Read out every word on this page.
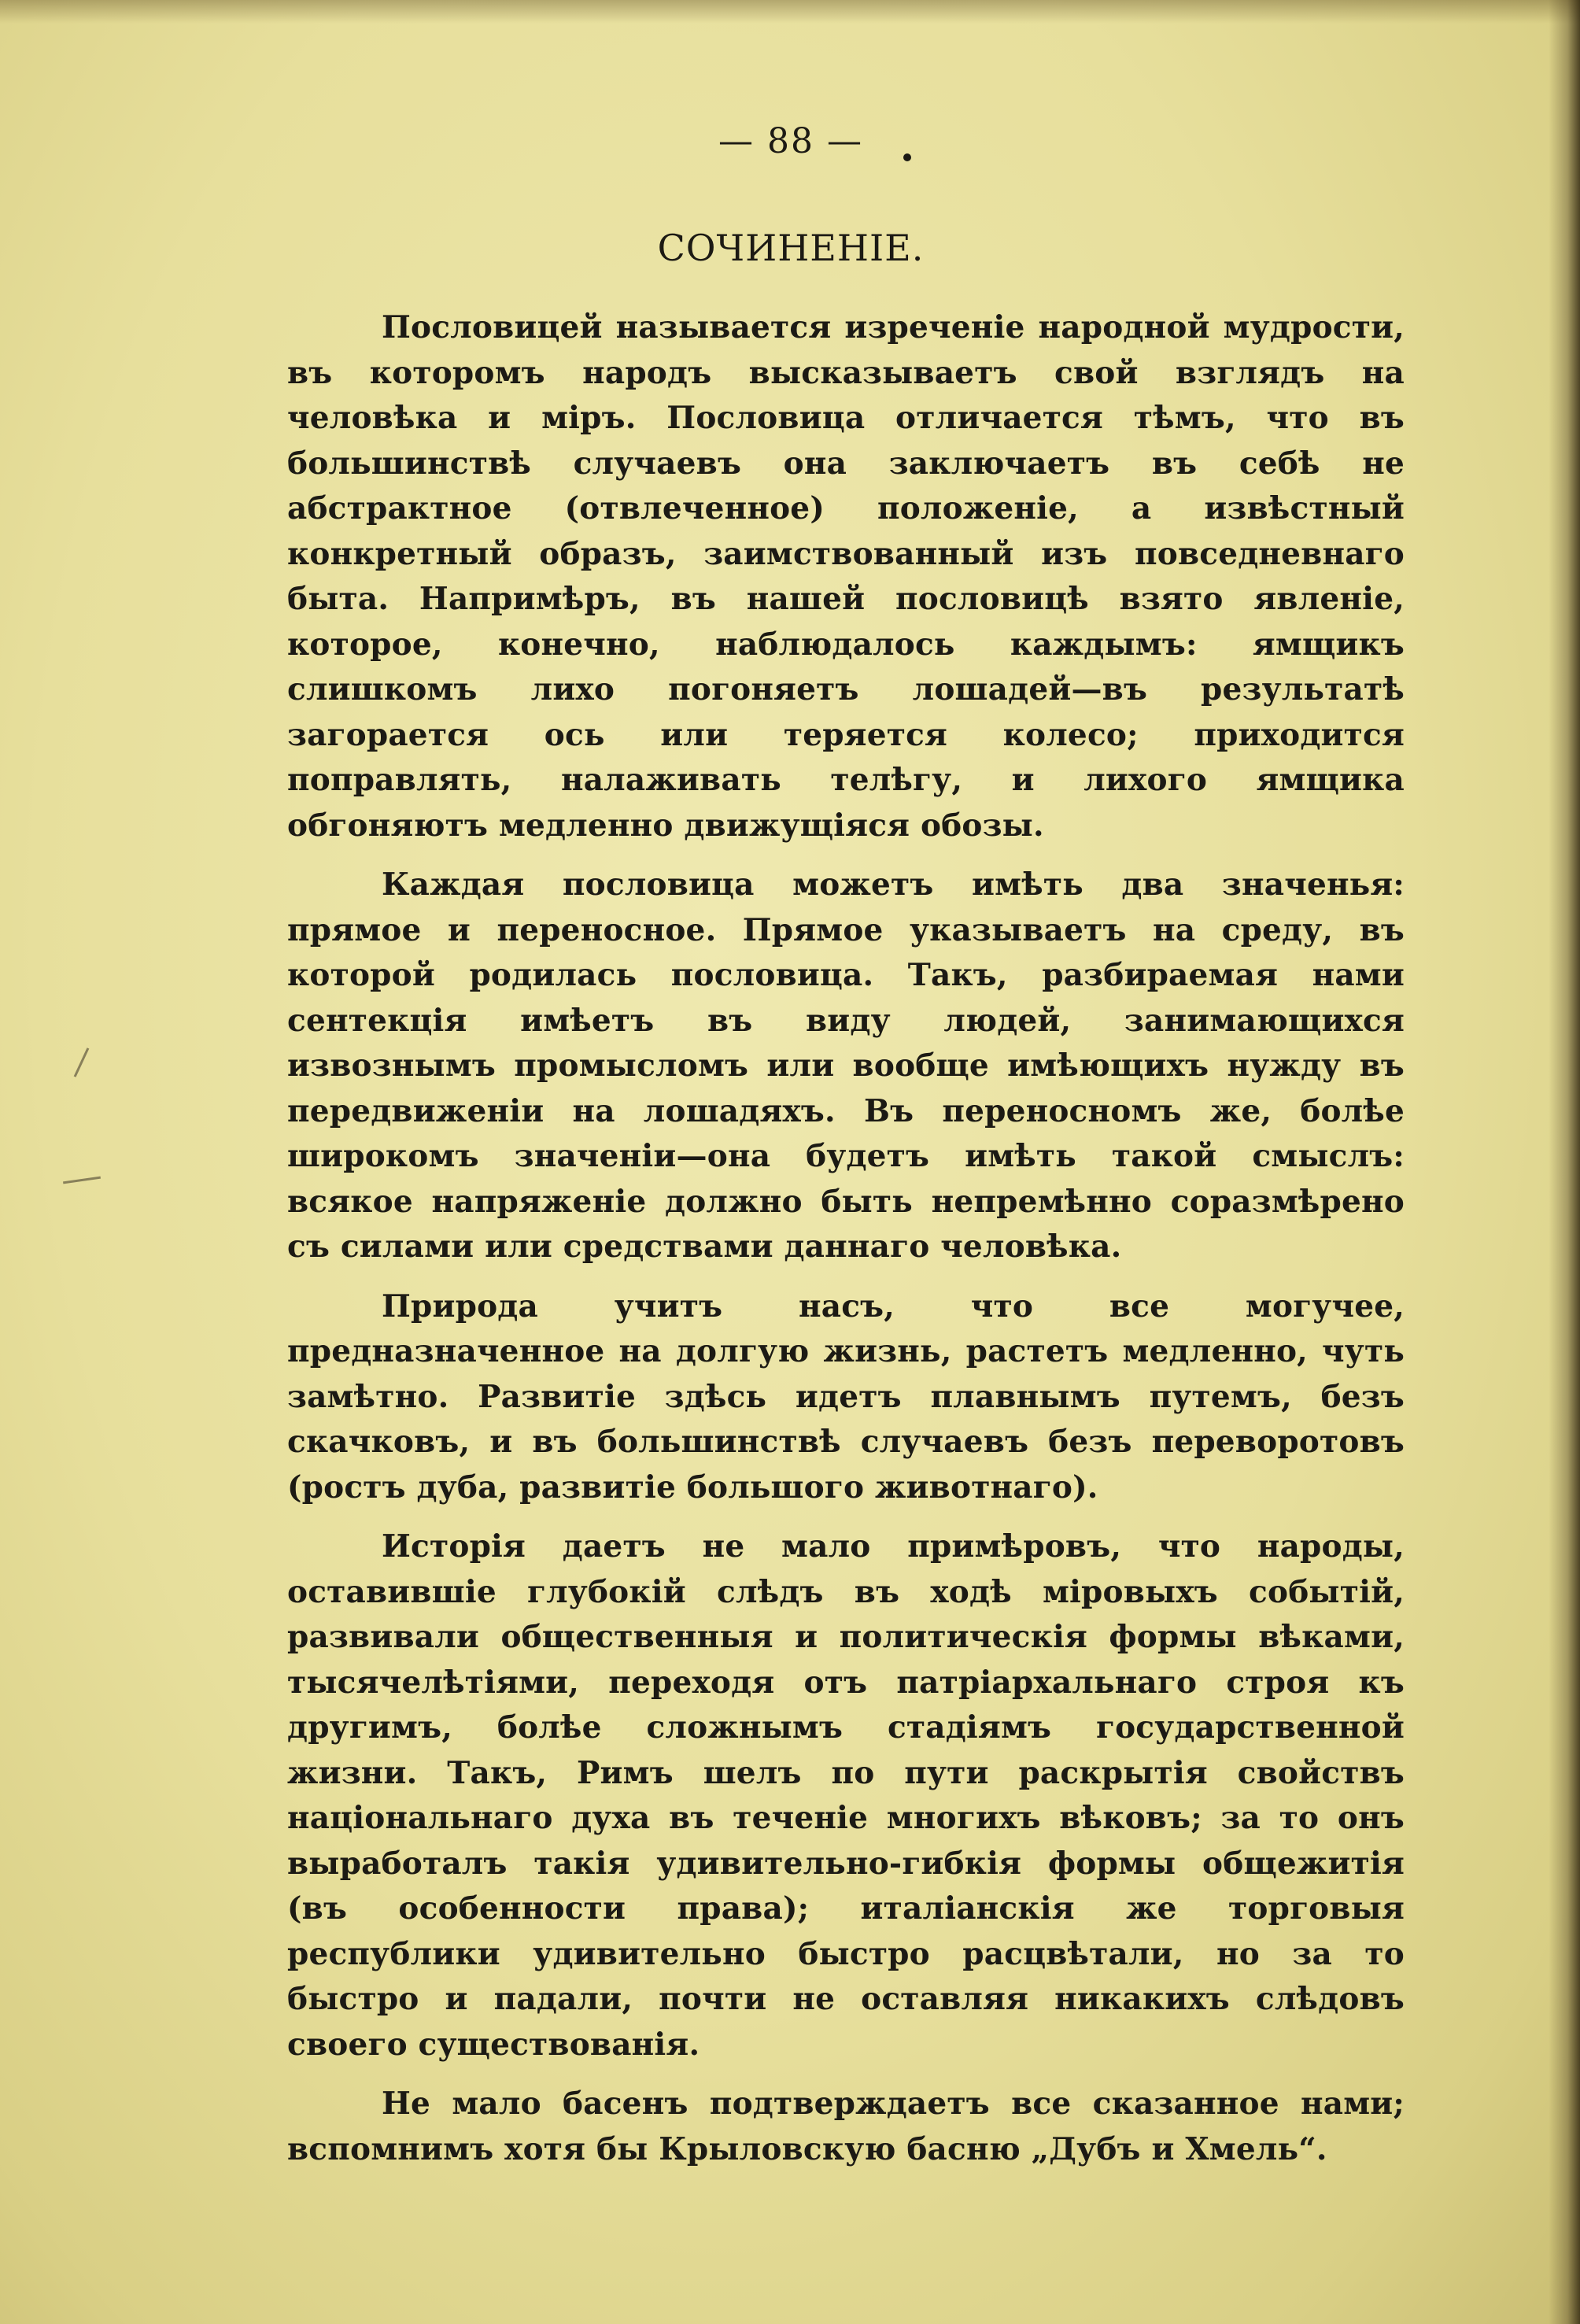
— 88 —
СОЧИНЕНІЕ.

Пословицей называется изреченіе народной мудрости, въ которомъ народъ высказываетъ свой взглядъ на человѣка и міръ. Пословица отличается тѣмъ, что въ большинствѣ случаевъ она заключаетъ въ себѣ не абстрактное (отвлеченное) положеніе, а извѣстный конкретный образъ, заимствованный изъ повседневнаго быта. Напримѣръ, въ нашей пословицѣ взято явленіе, которое, конечно, наблюдалось каждымъ: ямщикъ слишкомъ лихо погоняетъ лошадей—въ результатѣ загорается ось или теряется колесо; приходится поправлять, налаживать телѣгу, и лихого ямщика обгоняютъ медленно движущіяся обозы.

Каждая пословица можетъ имѣть два значенья: прямое и переносное. Прямое указываетъ на среду, въ которой родилась пословица. Такъ, разбираемая нами сентекція имѣетъ въ виду людей, занимающихся извознымъ промысломъ или вообще имѣющихъ нужду въ передвиженіи на лошадяхъ. Въ переносномъ же, болѣе широкомъ значеніи—она будетъ имѣть такой смыслъ: всякое напряженіе должно быть непремѣнно соразмѣрено съ силами или средствами даннаго человѣка.

Природа учитъ насъ, что все могучее, предназначенное на долгую жизнь, растетъ медленно, чуть замѣтно. Развитіе здѣсь идетъ плавнымъ путемъ, безъ скачковъ, и въ большинствѣ случаевъ безъ переворотовъ (ростъ дуба, развитіе большого животнаго).

Исторія даетъ не мало примѣровъ, что народы, оставившіе глубокій слѣдъ въ ходѣ міровыхъ событій, развивали общественныя и политическія формы вѣками, тысячелѣтіями, переходя отъ патріархальнаго строя къ другимъ, болѣе сложнымъ стадіямъ государственной жизни. Такъ, Римъ шелъ по пути раскрытія свойствъ національнаго духа въ теченіе многихъ вѣковъ; за то онъ выработалъ такія удивительно-гибкія формы общежитія (въ особенности права); италіанскія же торговыя республики удивительно быстро расцвѣтали, но за то быстро и падали, почти не оставляя никакихъ слѣдовъ своего существованія.

Не мало басенъ подтверждаетъ все сказанное нами; вспомнимъ хотя бы Крыловскую басню „Дубъ и Хмель“.
